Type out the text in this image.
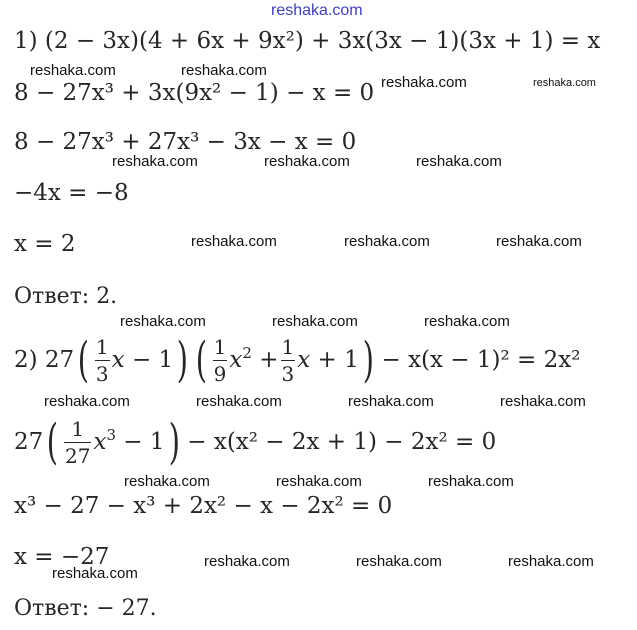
reshaka.com
1) (2 − 3x)(4 + 6x + 9x²) + 3x(3x − 1)(3x + 1) = x
reshaka.com	reshaka.com
reshaka.com	reshaka.com
8 − 27x³ + 3x(9x² − 1) − x = 0
8 − 27x³ + 27x³ − 3x − x = 0
reshaka.com	reshaka.com	reshaka.com
−4x = −8
x = 2	reshaka.com	reshaka.com	reshaka.com
Ответ: 2.
reshaka.com	reshaka.com	reshaka.com
2) 27 ( $\frac{1}{3}$ x − 1 ) ( $\frac{1}{9} x^2 + \frac{1}{3}$ x + 1 ) − x(x − 1)² = 2x²
reshaka.com	reshaka.com	reshaka.com	reshaka.com
27 ( $\frac{1}{27} x^3 - 1$ ) − x(x² − 2x + 1) − 2x² = 0
reshaka.com	reshaka.com	reshaka.com
x³ − 27 − x³ + 2x² − x − 2x² = 0
x = −27	reshaka.com	reshaka.com	reshaka.com
reshaka.com
Ответ: − 27.
